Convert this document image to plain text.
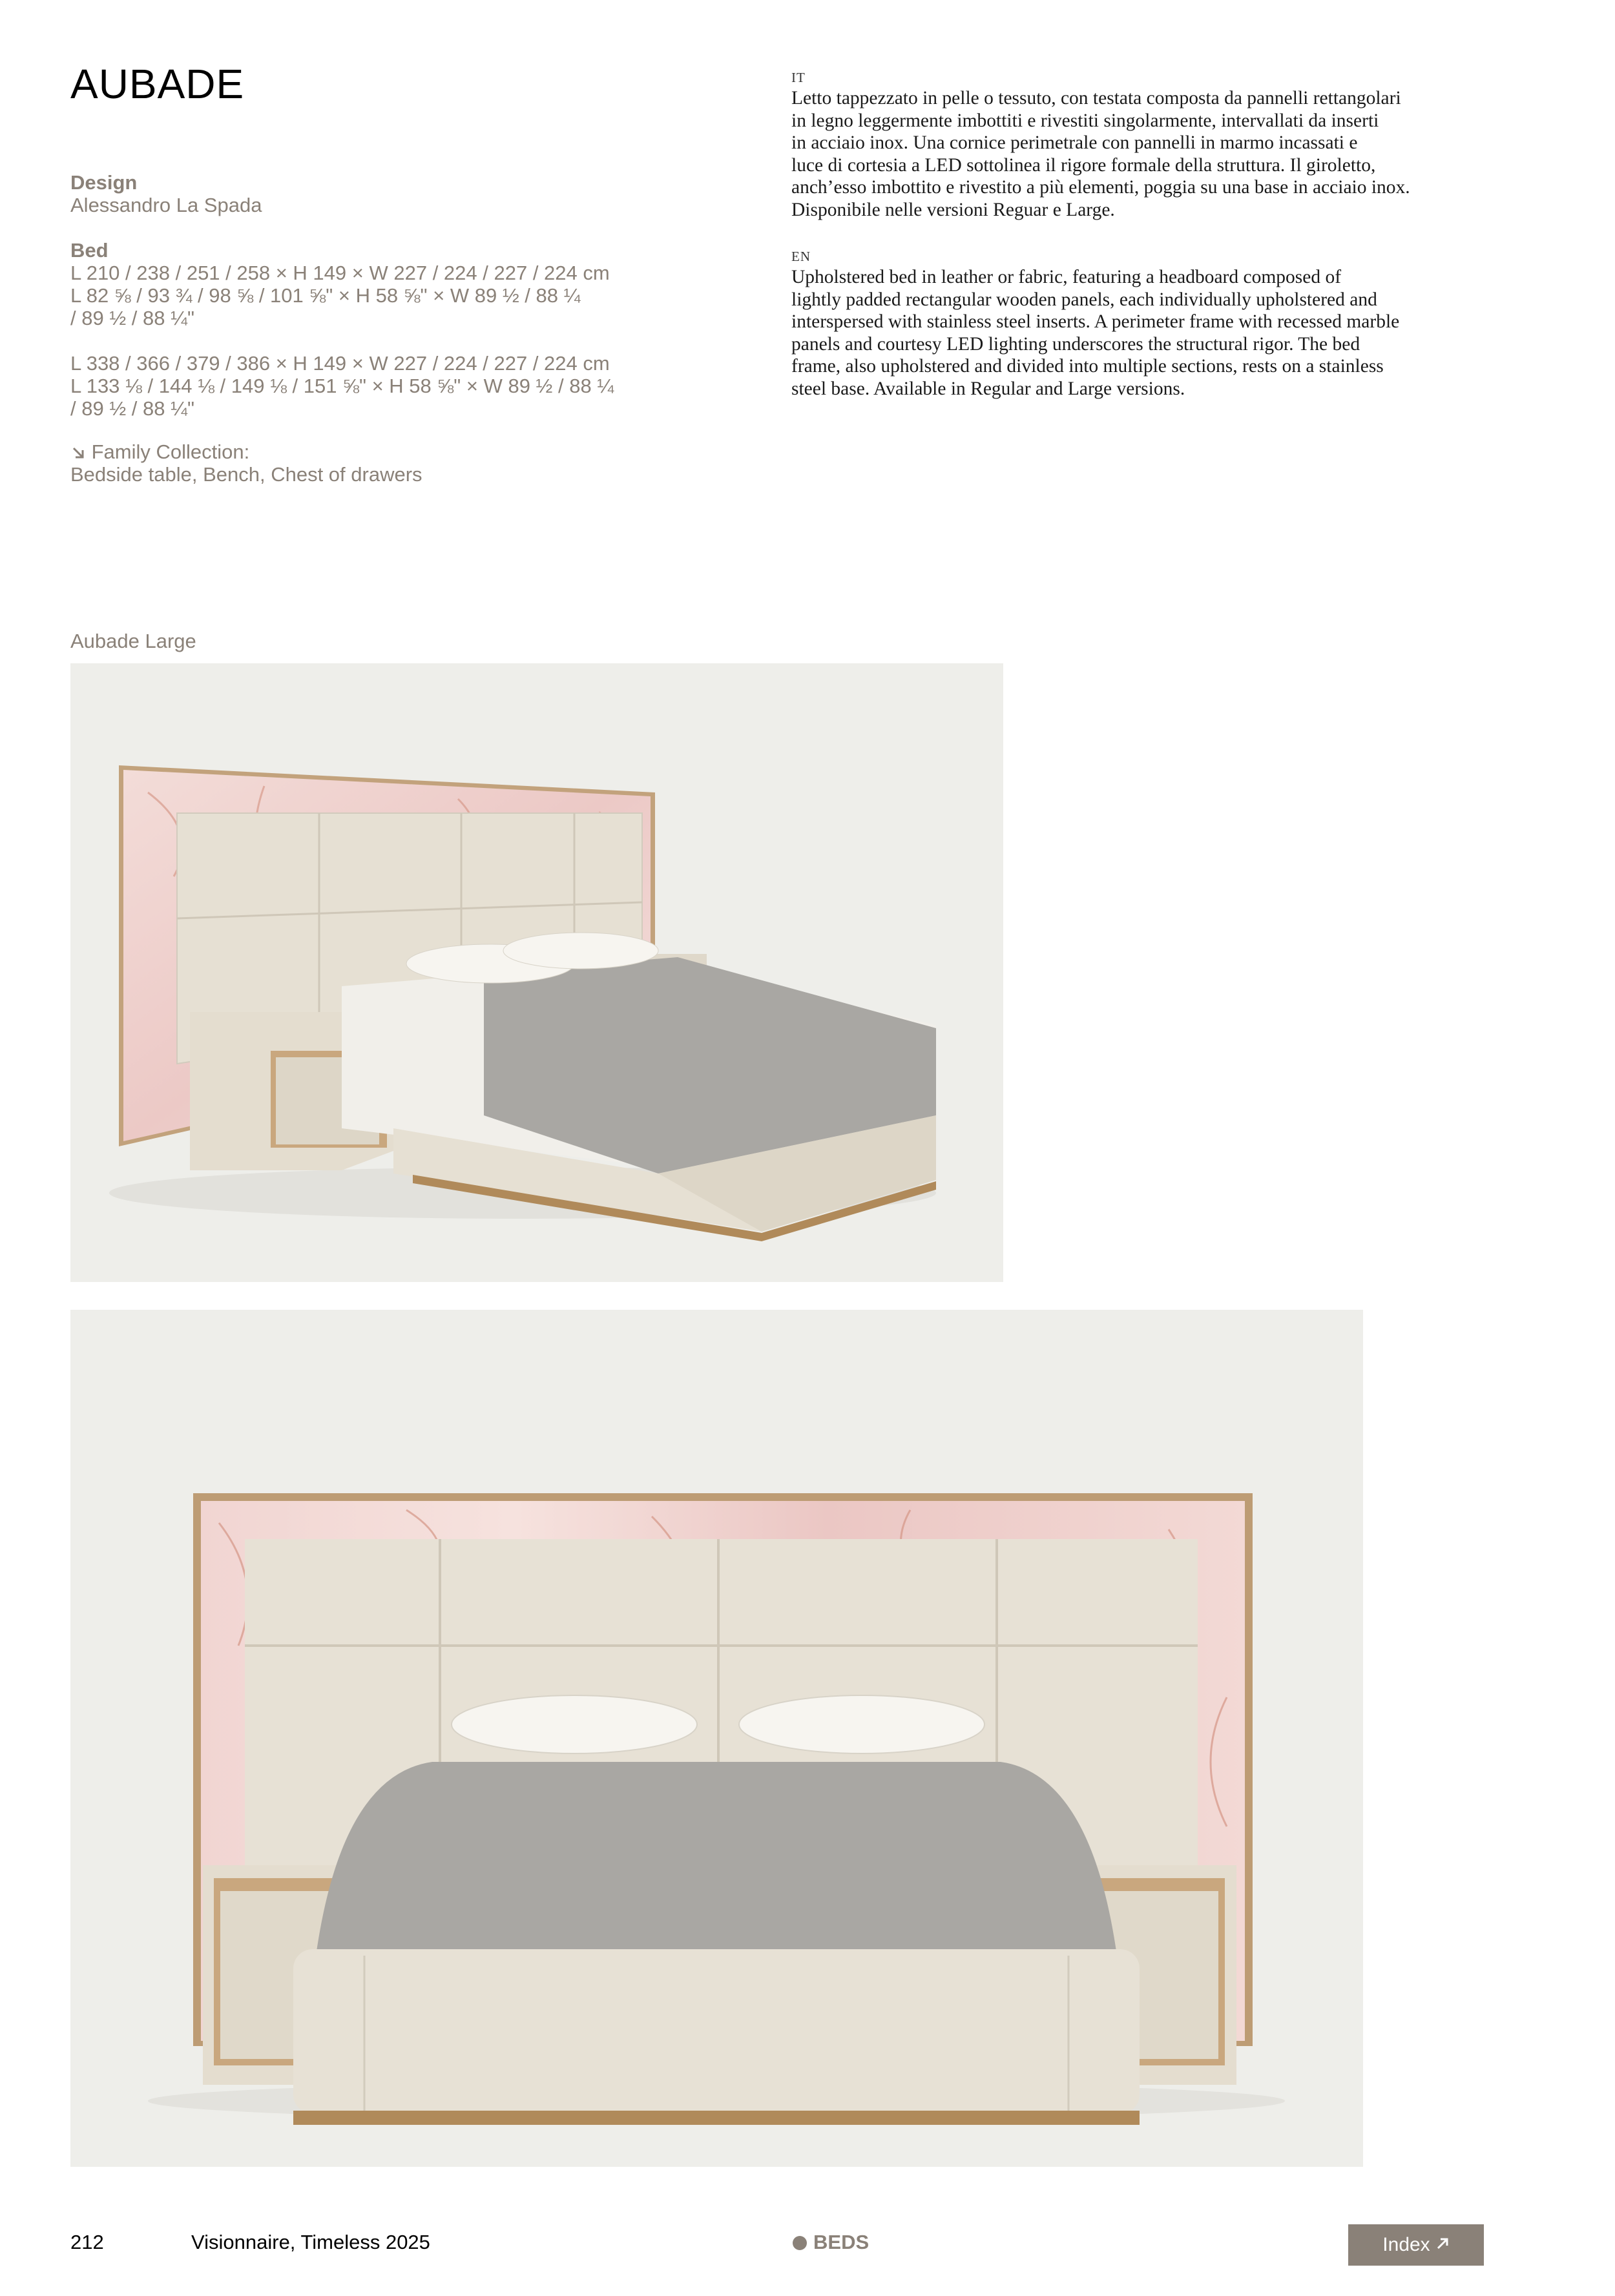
AUBADE

Design

Alessandro La Spada

Bed

L 210 / 238 / 251 / 258 × H 149 × W 227 / 224 / 227 / 224 cm

L 82 ⅝ / 93 ¾ / 98 ⅝ / 101 ⅝" × H 58 ⅝" × W 89 ½ / 88 ¼

/ 89 ½ / 88 ¼"

L 338 / 366 / 379 / 386 × H 149 × W 227 / 224 / 227 / 224 cm

L 133 ⅛ / 144 ⅛ / 149 ⅛ / 151 ⅝" × H 58 ⅝" × W 89 ½ / 88 ¼

/ 89 ½ / 88 ¼"

Family Collection:

Bedside table, Bench, Chest of drawers

IT
Letto tappezzato in pelle o tessuto, con testata composta da pannelli rettangolari
in legno leggermente imbottiti e rivestiti singolarmente, intervallati da inserti
in acciaio inox. Una cornice perimetrale con pannelli in marmo incassati e
luce di cortesia a LED sottolinea il rigore formale della struttura. Il giroletto,
anch’esso imbottito e rivestito a più elementi, poggia su una base in acciaio inox.
Disponibile nelle versioni Reguar e Large.
EN
Upholstered bed in leather or fabric, featuring a headboard composed of
lightly padded rectangular wooden panels, each individually upholstered and
interspersed with stainless steel inserts. A perimeter frame with recessed marble
panels and courtesy LED lighting underscores the structural rigor. The bed
frame, also upholstered and divided into multiple sections, rests on a stainless
steel base. Available in Regular and Large versions.
Aubade Large
212	Visionnaire, Timeless 2025	BEDS	Index
